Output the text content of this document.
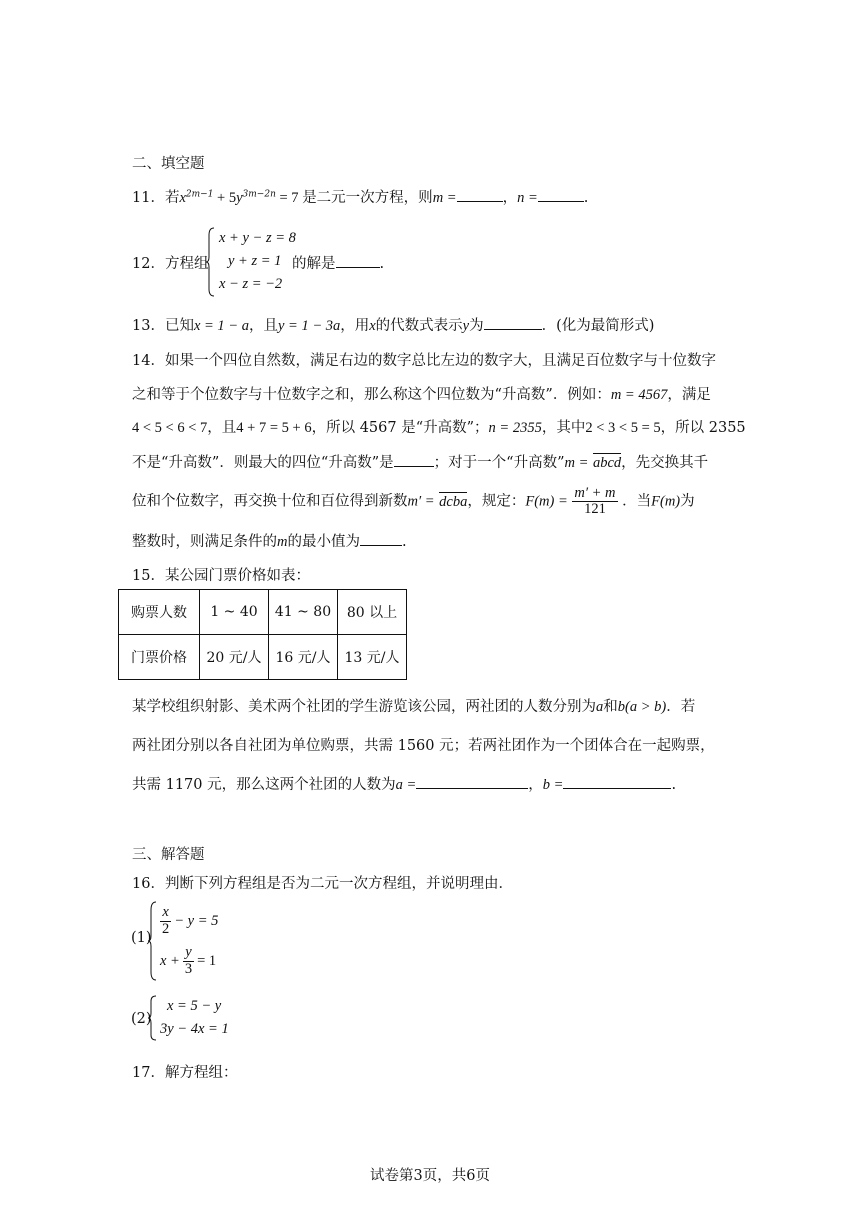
二、填空题
11．若$x^{2m-1} + 5y^{3m-2n} = 7$ 是二元一次方程，则m =	，n =	.
12．方程组
x + y − z = 8
y + z = 1
x − z = −2
的解是	.
13．已知x = 1 − a，且y = 1 − 3a，用x的代数式表示y为	．(化为最简形式)
14．如果一个四位自然数，满足右边的数字总比左边的数字大，且满足百位数字与十位数字
之和等于个位数字与十位数字之和，那么称这个四位数为“升高数”．例如：m = 4567，满足
4 < 5 < 6 < 7，且4 + 7 = 5 + 6，所以 4567 是“升高数”；n = 2355，其中2 < 3 < 5 = 5，所以 2355
不是“升高数”．则最大的四位“升高数”是	；对于一个“升高数”m = abcd，先交换其千
位和个位数字，再交换十位和百位得到新数m′ = dcba，规定：$F(m) = \frac{m' + m}{121}$ ．当F(m)为
整数时，则满足条件的m的最小值为	.
15．某公园门票价格如表：
购票人数	1 ~ 40	41 ~ 80	80 以上
门票价格	20 元/人	16 元/人	13 元/人
某学校组织射影、美术两个社团的学生游览该公园，两社团的人数分别为a和b(a > b)．若
两社团分别以各自社团为单位购票，共需 1560 元；若两社团作为一个团体合在一起购票，
共需 1170 元，那么这两个社团的人数为a =	，b =	.
三、解答题
16．判断下列方程组是否为二元一次方程组，并说明理由．
(1)
$\frac{x}{2} - y = 5$
$x + \frac{y}{3} = 1$
(2)
x = 5 − y
3y − 4x = 1
17．解方程组：
试卷第3页，共6页
